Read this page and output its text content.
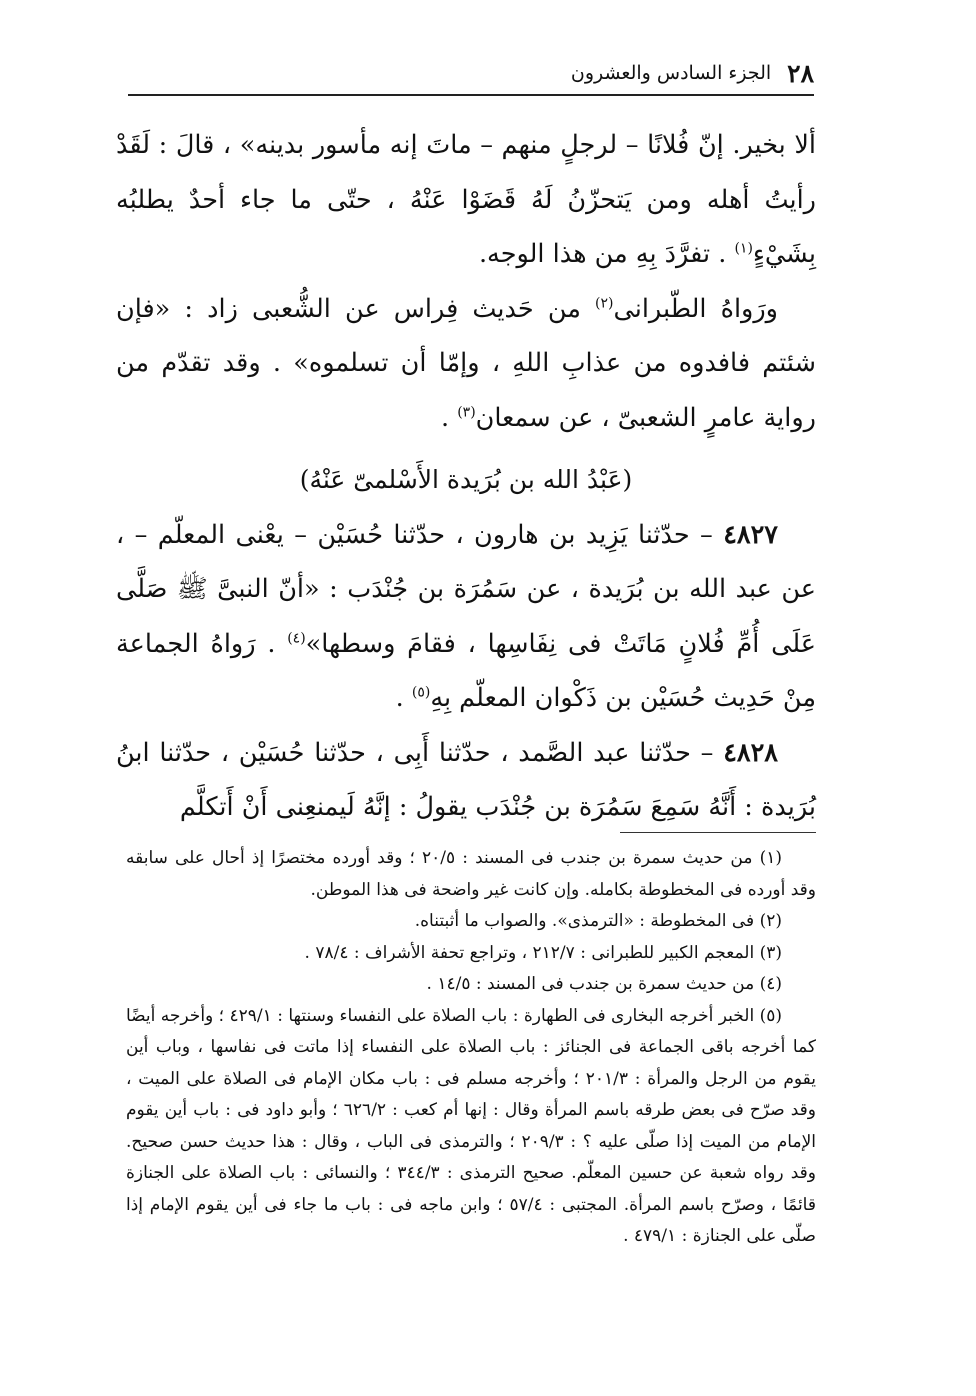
٢٨
الجزء السادس والعشرون

ألا بخير. إنّ فُلانًا – لرجلٍ منهم – ماتَ إنه مأسور بدينه» ، قالَ : لَقَدْ رأيتُ أهله ومن يَتحزّنُ لَهُ قَضَوْا عَنْهُ ، حتّى ما جاء أحدٌ يطلبُه بِشَيْءٍ$^{(١)}$ . تفرَّدَ بِهِ من هذا الوجه.

ورَواهُ الطّبرانى$^{(٢)}$ من حَديث فِراس عن الشُّعبى زاد : «فإن شئتم فافدوه من عذابِ اللهِ ، وإمّا أن تسلموه» . وقد تقدّم من رواية عامرٍ الشعبىّ ، عن سمعان$^{(٣)}$ .

(عَبْدُ الله بن بُرَيدة الأَسْلمىّ عَنْهُ)

٤٨٢٧ – حدّثنا يَزِيد بن هارون ، حدّثنا حُسَيْن – يعْنى المعلّم – ، عن عبد الله بن بُرَيدة ، عن سَمُرَة بن جُنْدَب : «أنّ النبىَّ ﷺ صَلَّى عَلَى أُمِّ فُلانٍ مَاتَتْ فى نِفَاسِها ، فقامَ وسطها»$^{(٤)}$ . رَواهُ الجماعة مِنْ حَدِيث حُسَيْن بن ذَكْوان المعلّم بِهِ$^{(٥)}$ .

٤٨٢٨ – حدّثنا عبد الصَّمد ، حدّثنا أَبِى ، حدّثنا حُسَيْن ، حدّثنا ابنُ بُرَيدة : أَنَّهُ سَمِعَ سَمُرَة بن جُنْدَب يقولُ : إنَّهُ لَيمنعِنى أَنْ أَتكلَّم

(١) من حديث سمرة بن جندب فى المسند : ٢٠/٥ ؛ وقد أورده مختصرًا إذ أحال على سابقه وقد أورده فى المخطوطة بكامله. وإن كانت غير واضحة فى هذا الموطن.

(٢) فى المخطوطة : «الترمذى». والصواب ما أثبتناه.

(٣) المعجم الكبير للطبرانى : ٢١٢/٧ ، وتراجع تحفة الأشراف : ٧٨/٤ .

(٤) من حديث سمرة بن جندب فى المسند : ١٤/٥ .

(٥) الخبر أخرجه البخارى فى الطهارة : باب الصلاة على النفساء وسنتها : ٤٢٩/١ ؛ وأخرجه أيضًا كما أخرجه باقى الجماعة فى الجنائز : باب الصلاة على النفساء إذا ماتت فى نفاسها ، وباب أين يقوم من الرجل والمرأة : ٢٠١/٣ ؛ وأخرجه مسلم فى : باب مكان الإمام فى الصلاة على الميت ، وقد صرّح فى بعض طرقه باسم المرأة وقال : إنها أم كعب : ٦٢٦/٢ ؛ وأبو داود فى : باب أين يقوم الإمام من الميت إذا صلّى عليه ؟ : ٢٠٩/٣ ؛ والترمذى فى الباب ، وقال : هذا حديث حسن صحيح. وقد رواه شعبة عن حسين المعلّم. صحيح الترمذى : ٣٤٤/٣ ؛ والنسائى : باب الصلاة على الجنازة قائمًا ، وصرّح باسم المرأة. المجتبى : ٥٧/٤ ؛ وابن ماجه فى : باب ما جاء فى أين يقوم الإمام إذا صلّى على الجنازة : ٤٧٩/١ .
